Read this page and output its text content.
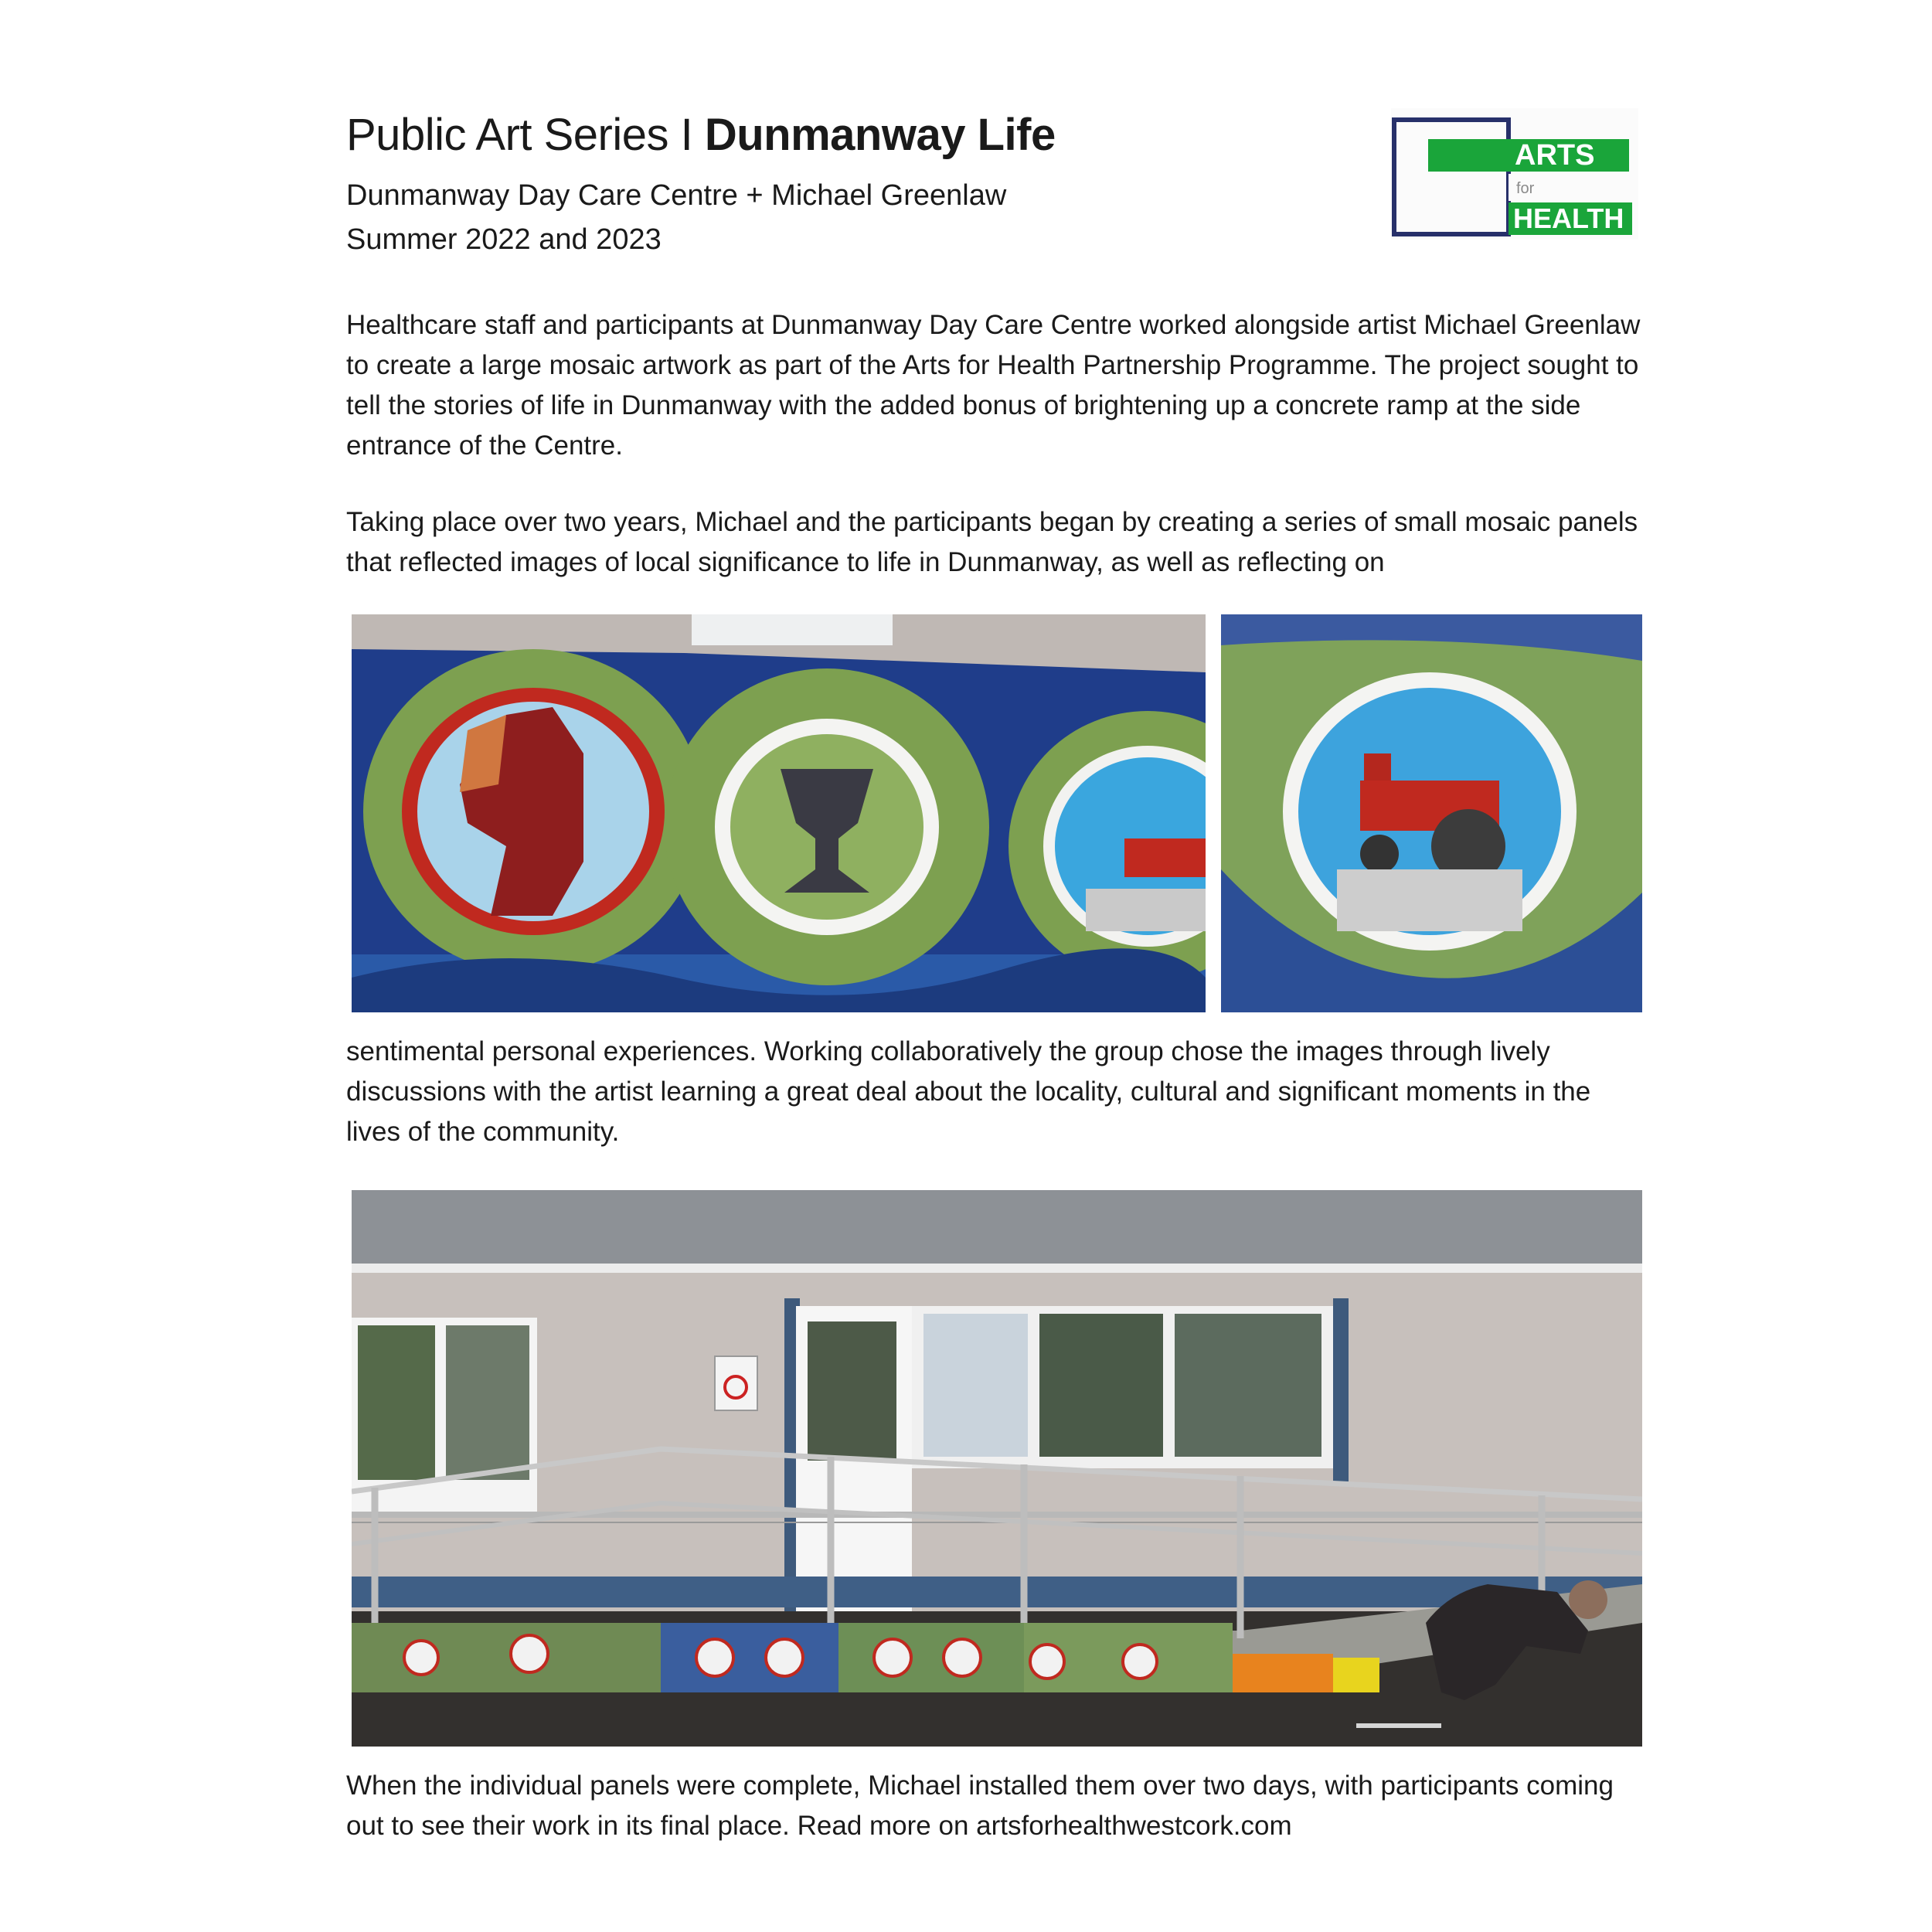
Public Art Series I Dunmanway Life
Dunmanway Day Care Centre + Michael Greenlaw
Summer 2022 and 2023
ARTS
for
HEALTH

Healthcare staff and participants at Dunmanway Day Care Centre worked alongside artist Michael Greenlaw to create a large mosaic artwork as part of the Arts for Health Partnership Programme. The project sought to tell the stories of life in Dunmanway with the added bonus of brightening up a concrete ramp at the side entrance of the Centre.

Taking place over two years, Michael and the participants began by creating a series of small mosaic panels that reflected images of local significance to life in Dunmanway, as well as reflecting on

sentimental personal experiences. Working collaboratively the group chose the images through lively discussions with the artist learning a great deal about the locality, cultural and significant moments in the lives of the community.

When the individual panels were complete, Michael installed them over two days, with participants coming out to see their work in its final place. Read more on artsforhealthwestcork.com
